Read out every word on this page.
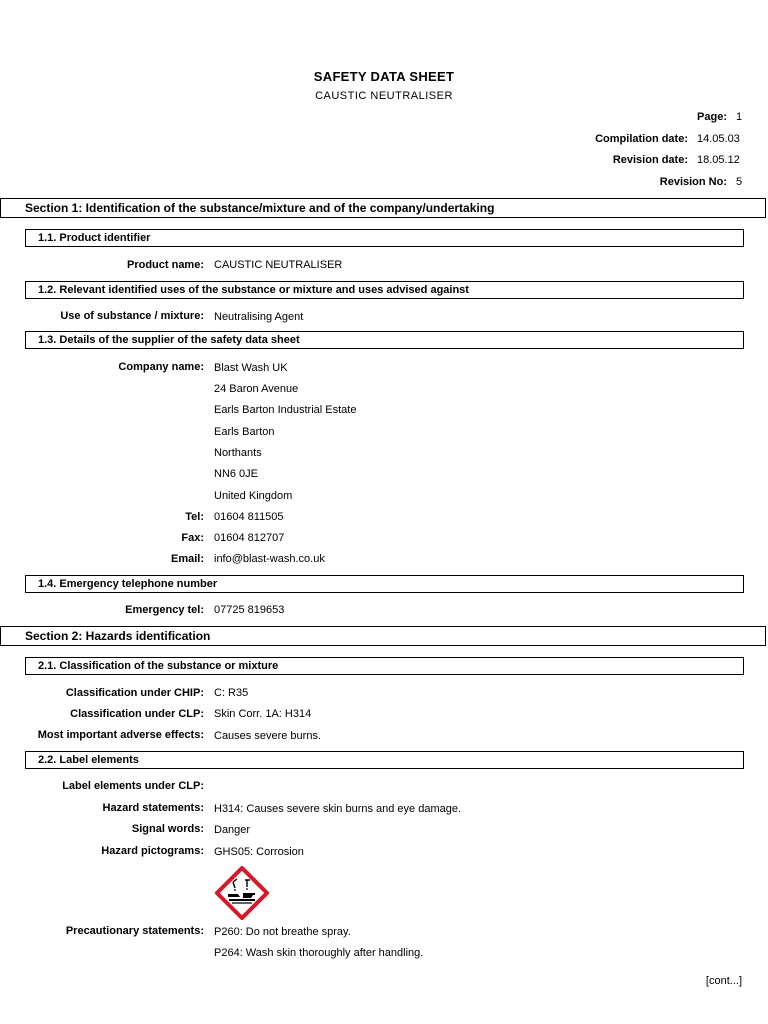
SAFETY DATA SHEET
CAUSTIC NEUTRALISER
Page: 1
Compilation date: 14.05.03
Revision date: 18.05.12
Revision No: 5
Section 1: Identification of the substance/mixture and of the company/undertaking
1.1. Product identifier
Product name: CAUSTIC NEUTRALISER
1.2. Relevant identified uses of the substance or mixture and uses advised against
Use of substance / mixture: Neutralising Agent
1.3. Details of the supplier of the safety data sheet
Company name: Blast Wash UK
24 Baron Avenue
Earls Barton Industrial Estate
Earls Barton
Northants
NN6 0JE
United Kingdom
Tel: 01604 811505
Fax: 01604 812707
Email: info@blast-wash.co.uk
1.4. Emergency telephone number
Emergency tel: 07725 819653
Section 2: Hazards identification
2.1. Classification of the substance or mixture
Classification under CHIP: C: R35
Classification under CLP: Skin Corr. 1A: H314
Most important adverse effects: Causes severe burns.
2.2. Label elements
Label elements under CLP:
Hazard statements: H314: Causes severe skin burns and eye damage.
Signal words: Danger
Hazard pictograms: GHS05: Corrosion
Precautionary statements: P260: Do not breathe spray.
P264: Wash skin thoroughly after handling.
[cont...]
